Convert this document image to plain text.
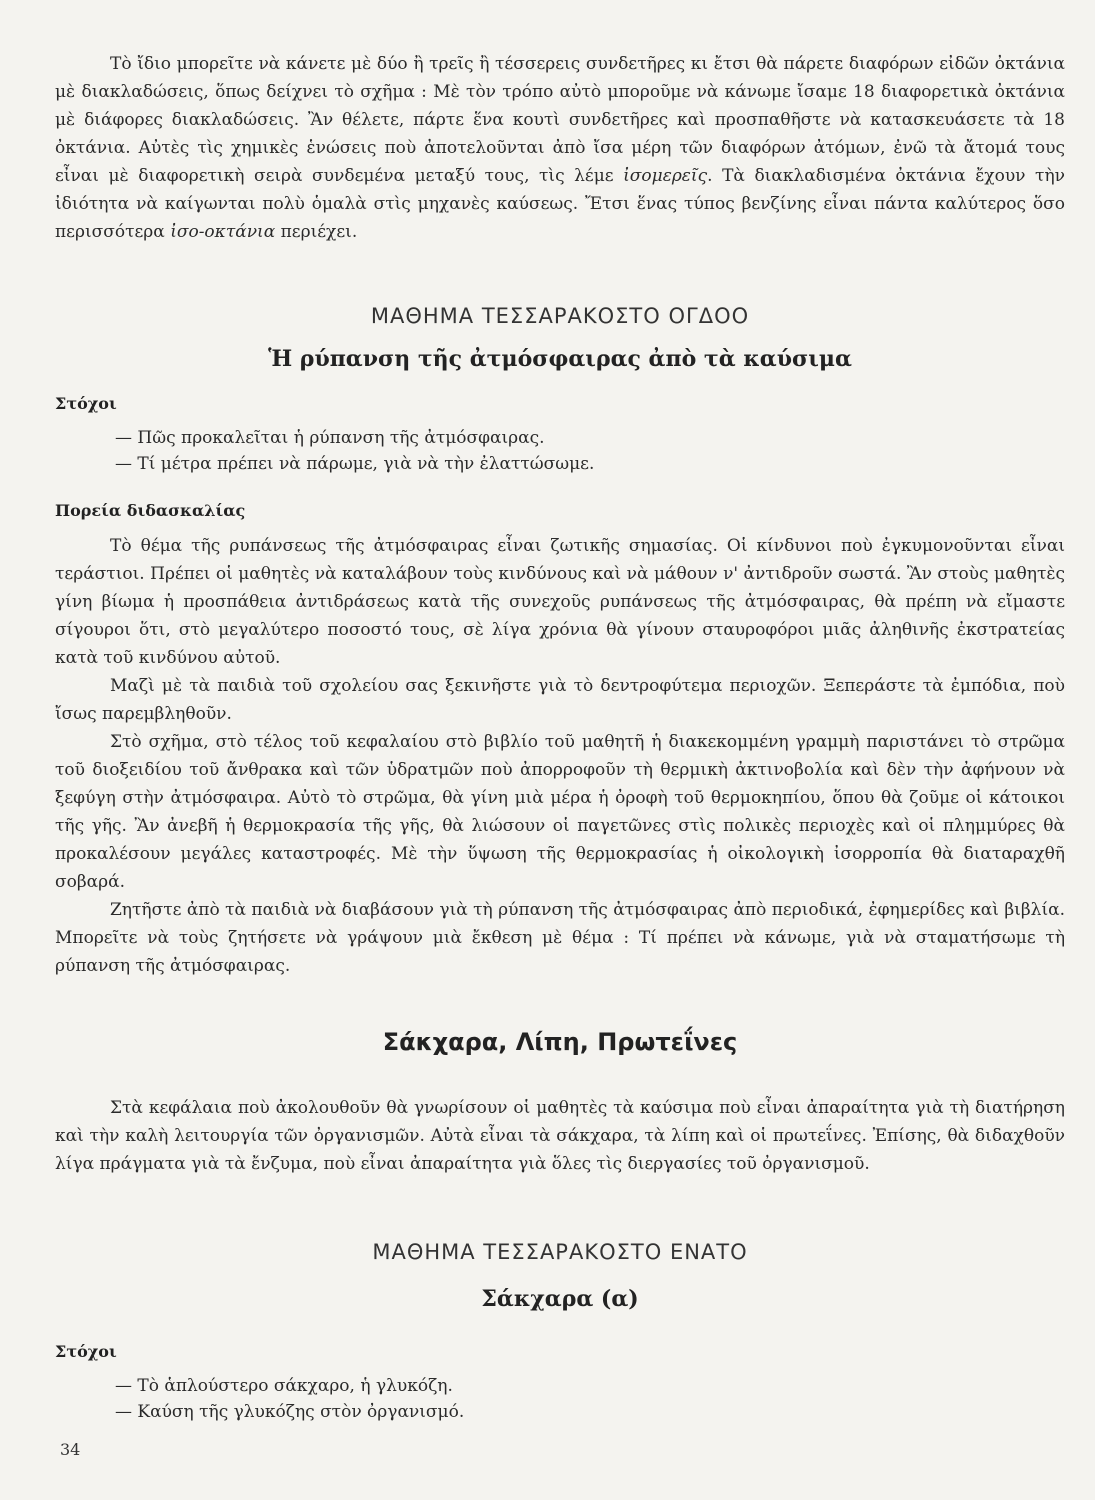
Τὸ ἴδιο μπορεῖτε νὰ κάνετε μὲ δύο ἢ τρεῖς ἢ τέσσερεις συνδετῆρες κι ἔτσι θὰ πάρετε διαφόρων εἰδῶν ὀκτάνια μὲ διακλαδώσεις, ὅπως δείχνει τὸ σχῆμα : Μὲ τὸν τρόπο αὐτὸ μποροῦμε νὰ κάνωμε ἴσαμε 18 διαφορετικὰ ὀκτάνια μὲ διάφορες διακλαδώσεις. Ἂν θέλετε, πάρτε ἕνα κουτὶ συνδετῆρες καὶ προσπαθῆστε νὰ κατασκευάσετε τὰ 18 ὀκτάνια. Αὐτὲς τὶς χημικὲς ἑνώσεις ποὺ ἀποτελοῦνται ἀπὸ ἴσα μέρη τῶν διαφόρων ἀτόμων, ἐνῶ τὰ ἄτομά τους εἶναι μὲ διαφορετικὴ σειρὰ συνδεμένα μεταξύ τους, τὶς λέμε ἰσομερεῖς. Τὰ διακλαδισμένα ὀκτάνια ἔχουν τὴν ἰδιότητα νὰ καίγωνται πολὺ ὁμαλὰ στὶς μηχανὲς καύσεως. Ἔτσι ἕνας τύπος βενζίνης εἶναι πάντα καλύτερος ὅσο περισσότερα ἰσο-οκτάνια περιέχει.

ΜΑΘΗΜΑ ΤΕΣΣΑΡΑΚΟΣΤΟ ΟΓΔΟΟ
Ἡ ρύπανση τῆς ἀτμόσφαιρας ἀπὸ τὰ καύσιμα
Στόχοι
— Πῶς προκαλεῖται ἡ ρύπανση τῆς ἀτμόσφαιρας.
— Τί μέτρα πρέπει νὰ πάρωμε, γιὰ νὰ τὴν ἐλαττώσωμε.
Πορεία διδασκαλίας

Τὸ θέμα τῆς ρυπάνσεως τῆς ἀτμόσφαιρας εἶναι ζωτικῆς σημασίας. Οἱ κίνδυνοι ποὺ ἐγκυμονοῦνται εἶναι τεράστιοι. Πρέπει οἱ μαθητὲς νὰ καταλάβουν τοὺς κινδύνους καὶ νὰ μάθουν ν' ἀντιδροῦν σωστά. Ἂν στοὺς μαθητὲς γίνη βίωμα ἡ προσπάθεια ἀντιδράσεως κατὰ τῆς συνεχοῦς ρυπάνσεως τῆς ἀτμόσφαιρας, θὰ πρέπη νὰ εἴμαστε σίγουροι ὅτι, στὸ μεγαλύτερο ποσοστό τους, σὲ λίγα χρόνια θὰ γίνουν σταυροφόροι μιᾶς ἀληθινῆς ἐκστρατείας κατὰ τοῦ κινδύνου αὐτοῦ.

Μαζὶ μὲ τὰ παιδιὰ τοῦ σχολείου σας ξεκινῆστε γιὰ τὸ δεντροφύτεμα περιοχῶν. Ξεπεράστε τὰ ἐμπόδια, ποὺ ἴσως παρεμβληθοῦν.

Στὸ σχῆμα, στὸ τέλος τοῦ κεφαλαίου στὸ βιβλίο τοῦ μαθητῆ ἡ διακεκομμένη γραμμὴ παριστάνει τὸ στρῶμα τοῦ διοξειδίου τοῦ ἄνθρακα καὶ τῶν ὑδρατμῶν ποὺ ἀπορροφοῦν τὴ θερμικὴ ἀκτινοβολία καὶ δὲν τὴν ἀφήνουν νὰ ξεφύγη στὴν ἀτμόσφαιρα. Αὐτὸ τὸ στρῶμα, θὰ γίνη μιὰ μέρα ἡ ὀροφὴ τοῦ θερμοκηπίου, ὅπου θὰ ζοῦμε οἱ κάτοικοι τῆς γῆς. Ἂν ἀνεβῆ ἡ θερμοκρασία τῆς γῆς, θὰ λιώσουν οἱ παγετῶνες στὶς πολικὲς περιοχὲς καὶ οἱ πλημμύρες θὰ προκαλέσουν μεγάλες καταστροφές. Μὲ τὴν ὕψωση τῆς θερμοκρασίας ἡ οἰκολογικὴ ἰσορροπία θὰ διαταραχθῆ σοβαρά.

Ζητῆστε ἀπὸ τὰ παιδιὰ νὰ διαβάσουν γιὰ τὴ ρύπανση τῆς ἀτμόσφαιρας ἀπὸ περιοδικά, ἐφημερίδες καὶ βιβλία. Μπορεῖτε νὰ τοὺς ζητήσετε νὰ γράψουν μιὰ ἔκθεση μὲ θέμα : Τί πρέπει νὰ κάνωμε, γιὰ νὰ σταματήσωμε τὴ ρύπανση τῆς ἀτμόσφαιρας.

Σάκχαρα, Λίπη, Πρωτεΐνες

Στὰ κεφάλαια ποὺ ἀκολουθοῦν θὰ γνωρίσουν οἱ μαθητὲς τὰ καύσιμα ποὺ εἶναι ἀπαραίτητα γιὰ τὴ διατήρηση καὶ τὴν καλὴ λειτουργία τῶν ὀργανισμῶν. Αὐτὰ εἶναι τὰ σάκχαρα, τὰ λίπη καὶ οἱ πρωτεΐνες. Ἐπίσης, θὰ διδαχθοῦν λίγα πράγματα γιὰ τὰ ἔνζυμα, ποὺ εἶναι ἀπαραίτητα γιὰ ὅλες τὶς διεργασίες τοῦ ὀργανισμοῦ.

ΜΑΘΗΜΑ ΤΕΣΣΑΡΑΚΟΣΤΟ ΕΝΑΤΟ
Σάκχαρα (α)
Στόχοι
— Τὸ ἁπλούστερο σάκχαρο, ἡ γλυκόζη.
— Καύση τῆς γλυκόζης στὸν ὀργανισμό.
34
